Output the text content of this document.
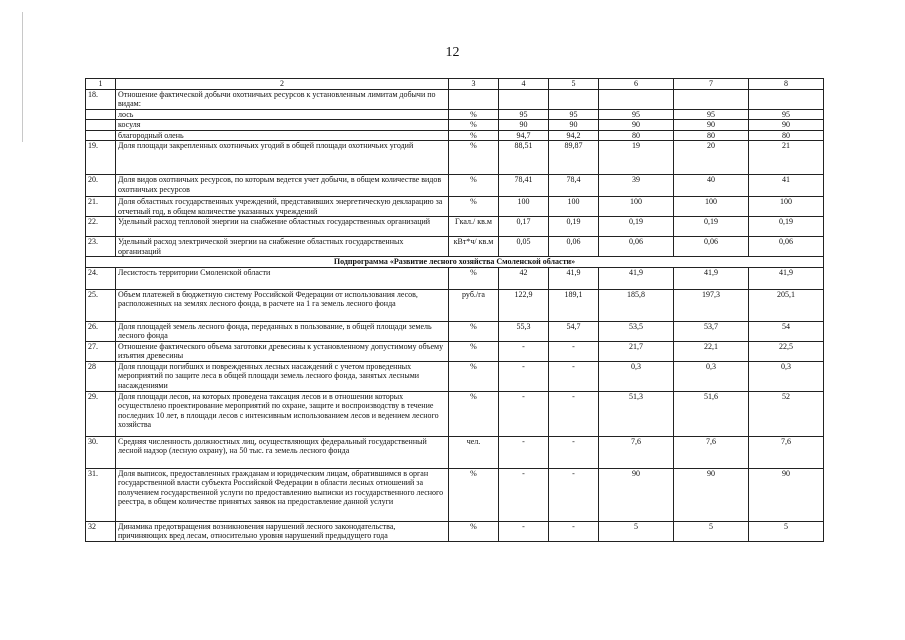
12
1	2	3	4	5	6	7	8
18.	Отношение фактической добычи охотничьих ресурсов к установленным лимитам добычи по видам:						
	лось	%	95	95	95	95	95
	косуля	%	90	90	90	90	90
	благородный олень	%	94,7	94,2	80	80	80
19.	Доля площади закрепленных охотничьих угодий в общей площади охотничьих угодий	%	88,51	89,87	19	20	21
20.	Доля видов охотничьих ресурсов, по которым ведется учет добычи, в общем количестве видов охотничьих ресурсов	%	78,41	78,4	39	40	41
21.	Доля областных государственных учреждений, представивших энергетическую декларацию за отчетный год, в общем количестве указанных учреждений	%	100	100	100	100	100
22.	Удельный расход тепловой энергии на снабжение областных государственных организаций	Гкал./ кв.м	0,17	0,19	0,19	0,19	0,19
23.	Удельный расход электрической энергии на снабжение областных государственных организаций	кВт*ч/ кв.м	0,05	0,06	0,06	0,06	0,06
Подпрограмма «Развитие лесного хозяйства Смоленской области»							
24.	Лесистость территории Смоленской области	%	42	41,9	41,9	41,9	41,9
25.	Объем платежей в бюджетную систему Российской Федерации от использования лесов, расположенных на землях лесного фонда, в расчете на 1 га земель лесного фонда	руб./га	122,9	189,1	185,8	197,3	205,1
26.	Доля площадей земель лесного фонда, переданных в пользование, в общей площади земель лесного фонда	%	55,3	54,7	53,5	53,7	54
27.	Отношение фактического объема заготовки древесины к установленному допустимому объему изъятия древесины	%	-	-	21,7	22,1	22,5
28	Доля площади погибших и поврежденных лесных насаждений с учетом проведенных мероприятий по защите леса в общей площади земель лесного фонда, занятых лесными насаждениями	%	-	-	0,3	0,3	0,3
29.	Доля площади лесов, на которых проведена таксация лесов и в отношении которых осуществлено проектирование мероприятий по охране, защите и воспроизводству в течение последних 10 лет, в площади лесов с интенсивным использованием лесов и ведением лесного хозяйства	%	-	-	51,3	51,6	52
30.	Средняя численность должностных лиц, осуществляющих федеральный государственный лесной надзор (лесную охрану), на 50 тыс. га земель лесного фонда	чел.	-	-	7,6	7,6	7,6
31.	Доля выписок, предоставленных гражданам и юридическим лицам, обратившимся в орган государственной власти субъекта Российской Федерации в области лесных отношений за получением государственной услуги по предоставлению выписки из государственного лесного реестра, в общем количестве принятых заявок на предоставление данной услуги	%	-	-	90	90	90
32	Динамика предотвращения возникновения нарушений лесного законодательства, причиняющих вред лесам, относительно уровня нарушений предыдущего года	%	-	-	5	5	5
